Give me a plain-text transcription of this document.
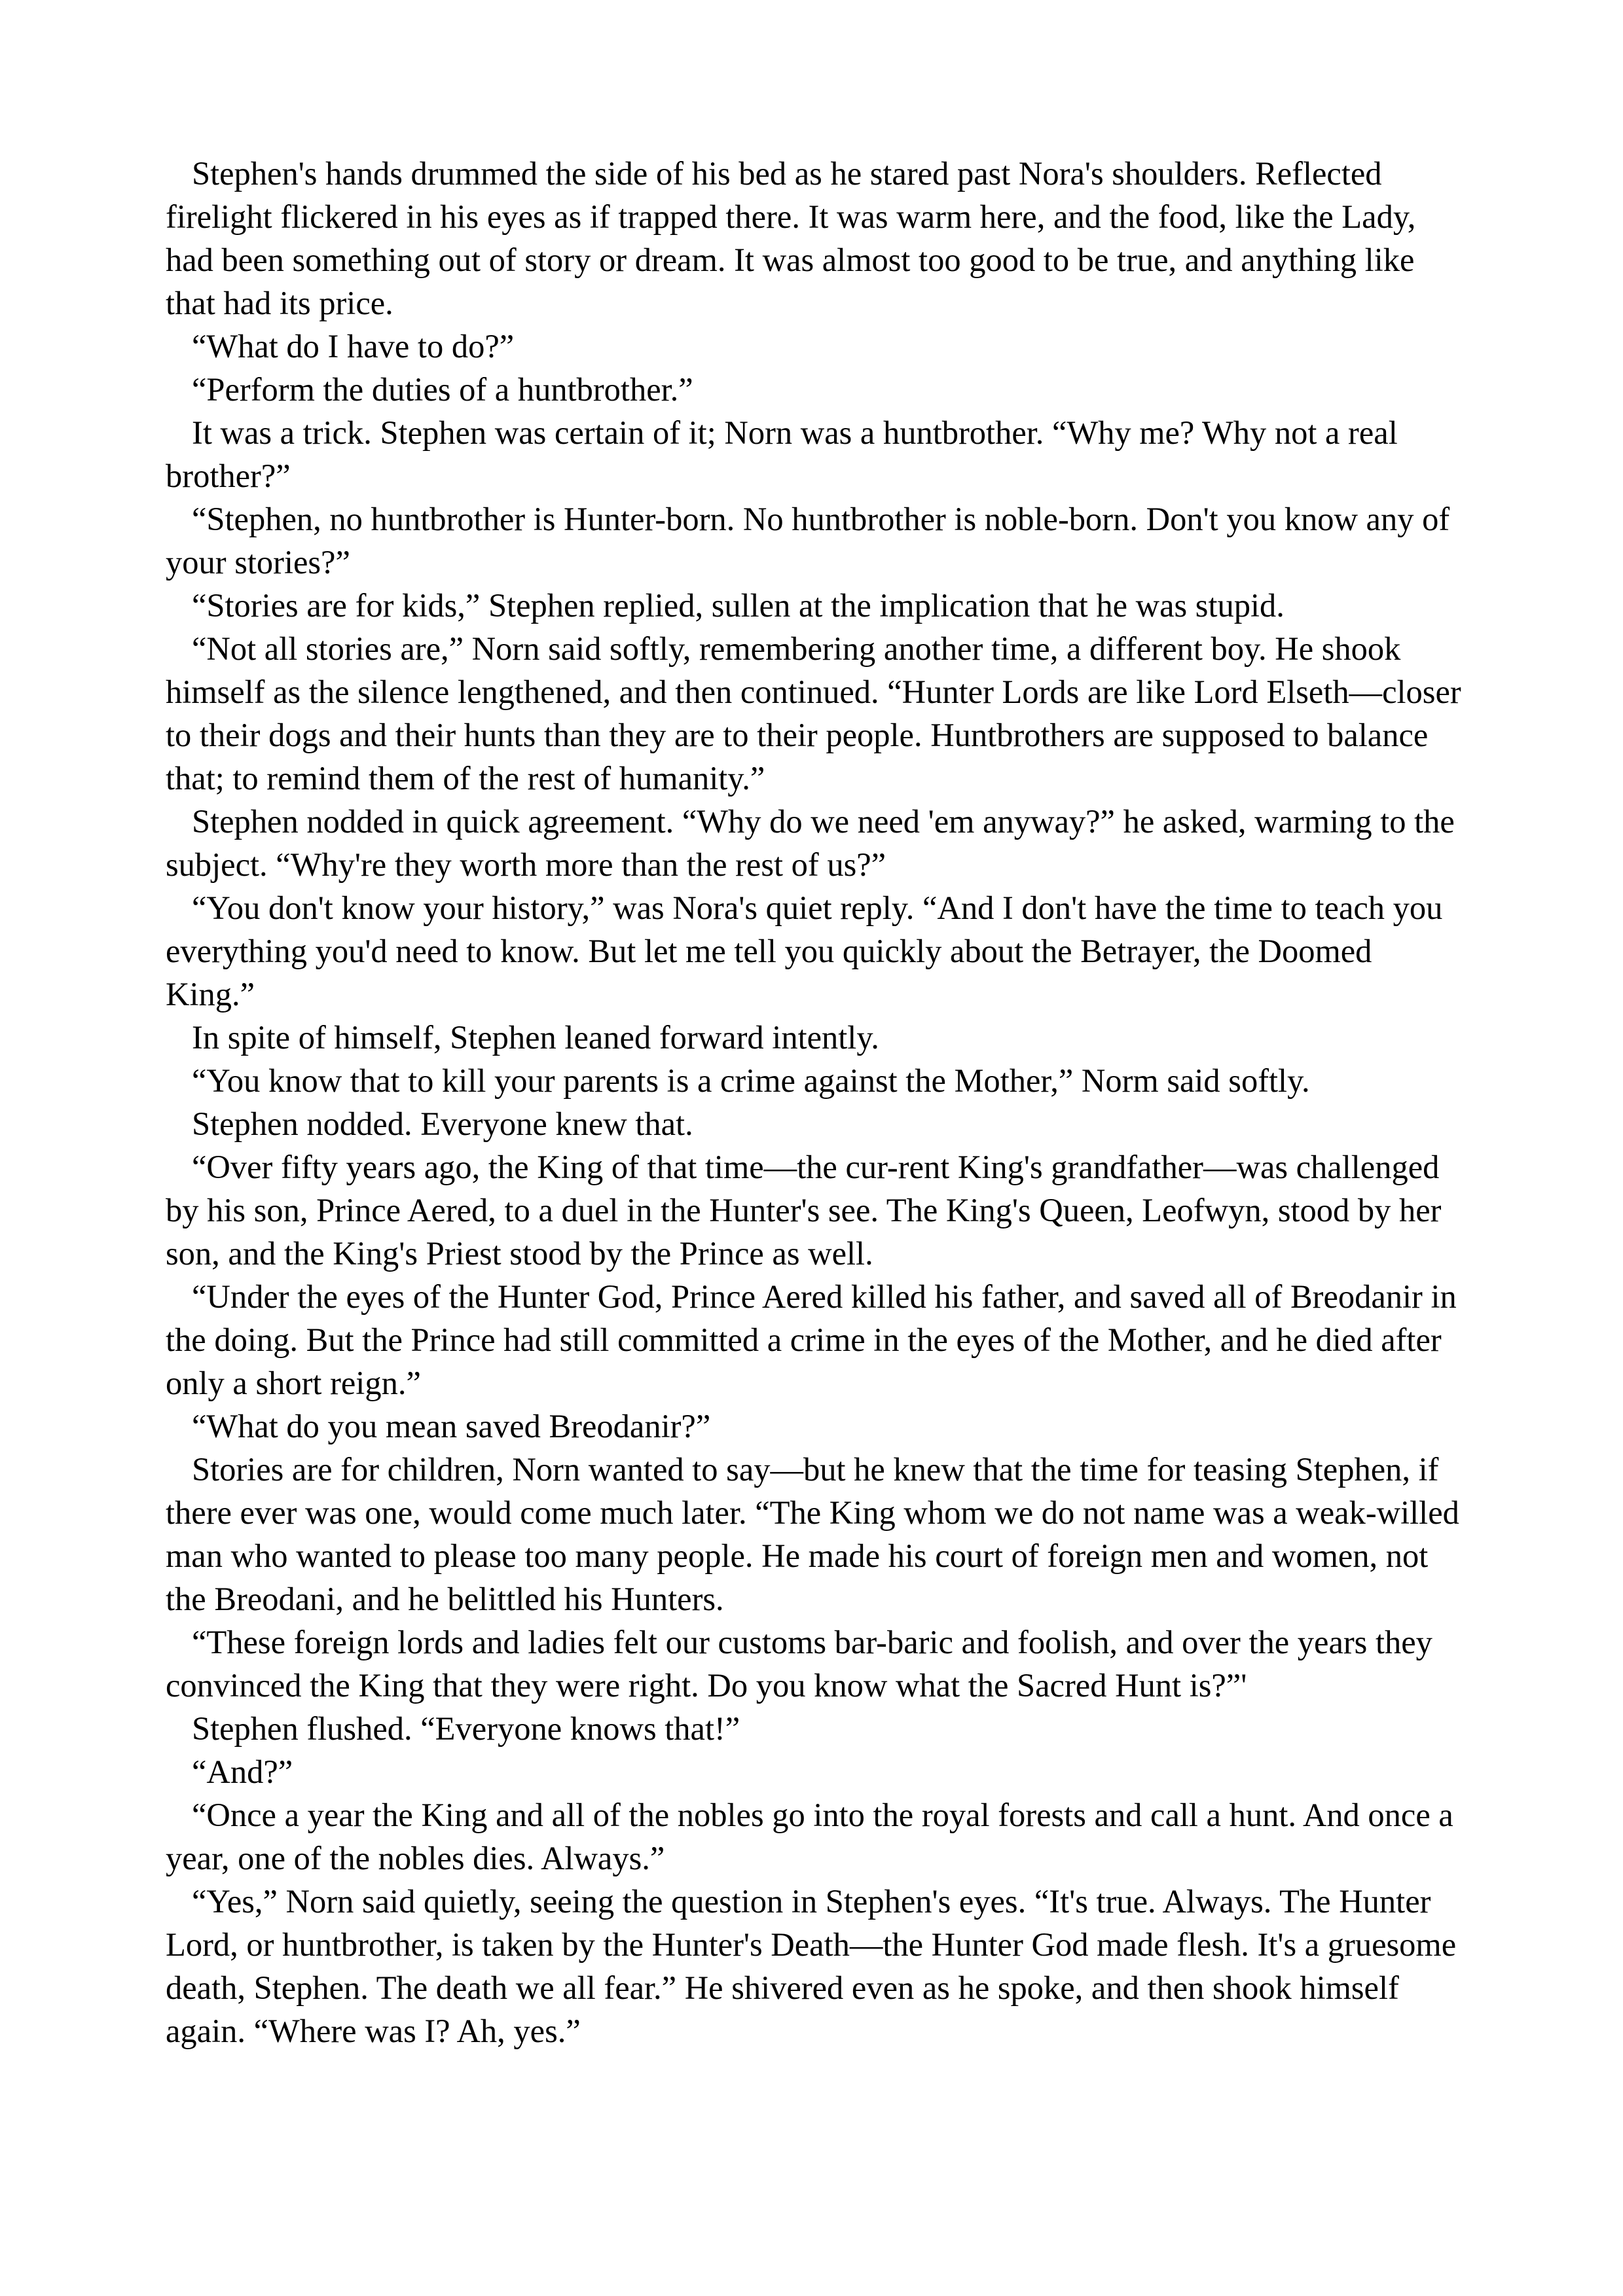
Stephen's hands drummed the side of his bed as he stared past Nora's shoulders. Reflected firelight flickered in his eyes as if trapped there. It was warm here, and the food, like the Lady, had been something out of story or dream. It was almost too good to be true, and anything like that had its price.

“What do I have to do?”

“Perform the duties of a huntbrother.”

It was a trick. Stephen was certain of it; Norn was a huntbrother. “Why me? Why not a real brother?”

“Stephen, no huntbrother is Hunter-born. No huntbrother is noble-born. Don't you know any of your stories?”

“Stories are for kids,” Stephen replied, sullen at the implication that he was stupid.

“Not all stories are,” Norn said softly, remembering another time, a different boy. He shook himself as the silence lengthened, and then continued. “Hunter Lords are like Lord Elseth—closer to their dogs and their hunts than they are to their people. Huntbrothers are supposed to balance that; to remind them of the rest of humanity.”

Stephen nodded in quick agreement. “Why do we need 'em anyway?” he asked, warming to the subject. “Why're they worth more than the rest of us?”

“You don't know your history,” was Nora's quiet reply. “And I don't have the time to teach you everything you'd need to know. But let me tell you quickly about the Betrayer, the Doomed King.”

In spite of himself, Stephen leaned forward intently.

“You know that to kill your parents is a crime against the Mother,” Norm said softly.

Stephen nodded. Everyone knew that.

“Over fifty years ago, the King of that time—the cur-rent King's grandfather—was challenged by his son, Prince Aered, to a duel in the Hunter's see. The King's Queen, Leofwyn, stood by her son, and the King's Priest stood by the Prince as well.

“Under the eyes of the Hunter God, Prince Aered killed his father, and saved all of Breodanir in the doing. But the Prince had still committed a crime in the eyes of the Mother, and he died after only a short reign.”

“What do you mean saved Breodanir?”

Stories are for children, Norn wanted to say—but he knew that the time for teasing Stephen, if there ever was one, would come much later. “The King whom we do not name was a weak-willed man who wanted to please too many people. He made his court of foreign men and women, not the Breodani, and he belittled his Hunters.

“These foreign lords and ladies felt our customs bar-baric and foolish, and over the years they convinced the King that they were right. Do you know what the Sacred Hunt is?”'

Stephen flushed. “Everyone knows that!”

“And?”

“Once a year the King and all of the nobles go into the royal forests and call a hunt. And once a year, one of the nobles dies. Always.”

“Yes,” Norn said quietly, seeing the question in Stephen's eyes. “It's true. Always. The Hunter Lord, or huntbrother, is taken by the Hunter's Death—the Hunter God made flesh. It's a gruesome death, Stephen. The death we all fear.” He shivered even as he spoke, and then shook himself again. “Where was I? Ah, yes.”
